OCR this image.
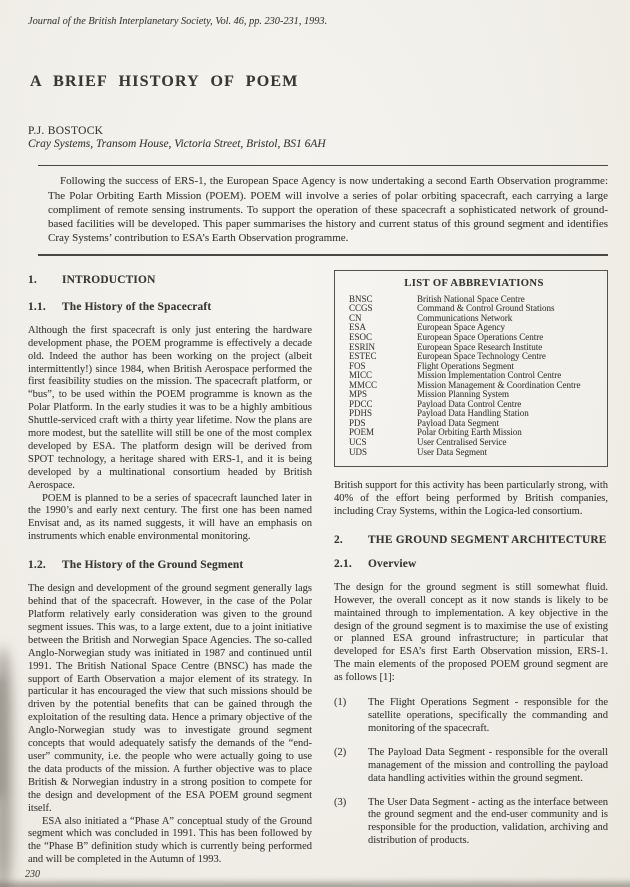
Journal of the British Interplanetary Society, Vol. 46, pp. 230-231, 1993.
A BRIEF HISTORY OF POEM
P.J. BOSTOCK
Cray Systems, Transom House, Victoria Street, Bristol, BS1 6AH

Following the success of ERS-1, the European Space Agency is now undertaking a second Earth Observation programme: The Polar Orbiting Earth Mission (POEM). POEM will involve a series of polar orbiting spacecraft, each carrying a large compliment of remote sensing instruments. To support the operation of these spacecraft a sophisticated network of ground-based facilities will be developed. This paper summarises the history and current status of this ground segment and identifies Cray Systems’ contribution to ESA’s Earth Observation programme.

1.	INTRODUCTION
1.1.	The History of the Spacecraft

Although the first spacecraft is only just entering the hardware development phase, the POEM programme is effectively a decade old. Indeed the author has been working on the project (albeit intermittently!) since 1984, when British Aerospace performed the first feasibility studies on the mission. The spacecraft platform, or “bus”, to be used within the POEM programme is known as the Polar Platform. In the early studies it was to be a highly ambitious Shuttle-serviced craft with a thirty year lifetime. Now the plans are more modest, but the satellite will still be one of the most complex developed by ESA. The platform design will be derived from SPOT technology, a heritage shared with ERS-1, and it is being developed by a multinational consortium headed by British Aerospace.

POEM is planned to be a series of spacecraft launched later in the 1990’s and early next century. The first one has been named Envisat and, as its named suggests, it will have an emphasis on instruments which enable environmental monitoring.

1.2.	The History of the Ground Segment

The design and development of the ground segment generally lags behind that of the spacecraft. However, in the case of the Polar Platform relatively early consideration was given to the ground segment issues. This was, to a large extent, due to a joint initiative between the British and Norwegian Space Agencies. The so-called Anglo-Norwegian study was initiated in 1987 and continued until 1991. The British National Space Centre (BNSC) has made the support of Earth Observation a major element of its strategy. In particular it has encouraged the view that such missions should be driven by the potential benefits that can be gained through the exploitation of the resulting data. Hence a primary objective of the Anglo-Norwegian study was to investigate ground segment concepts that would adequately satisfy the demands of the “end-user” community, i.e. the people who were actually going to use the data products of the mission. A further objective was to place British & Norwegian industry in a strong position to compete for the design and development of the ESA POEM ground segment itself.

ESA also initiated a “Phase A” conceptual study of the Ground segment which was concluded in 1991. This has been followed by the “Phase B” definition study which is currently being performed and will be completed in the Autumn of 1993.

LIST OF ABBREVIATIONS
BNSC	British National Space Centre
CCGS	Command & Control Ground Stations
CN	Communications Network
ESA	European Space Agency
ESOC	European Space Operations Centre
ESRIN	European Space Research Institute
ESTEC	European Space Technology Centre
FOS	Flight Operations Segment
MICC	Mission Implementation Control Centre
MMCC	Mission Management & Coordination Centre
MPS	Mission Planning System
PDCC	Payload Data Control Centre
PDHS	Payload Data Handling Station
PDS	Payload Data Segment
POEM	Polar Orbiting Earth Mission
UCS	User Centralised Service
UDS	User Data Segment

British support for this activity has been particularly strong, with 40% of the effort being performed by British companies, including Cray Systems, within the Logica-led consortium.

2.	THE GROUND SEGMENT ARCHITECTURE
2.1.	Overview

The design for the ground segment is still somewhat fluid. However, the overall concept as it now stands is likely to be maintained through to implementation. A key objective in the design of the ground segment is to maximise the use of existing or planned ESA ground infrastructure; in particular that developed for ESA’s first Earth Observation mission, ERS-1. The main elements of the proposed POEM ground segment are as follows [1]:

(1)	The Flight Operations Segment - responsible for the satellite operations, specifically the commanding and monitoring of the spacecraft.
(2)	The Payload Data Segment - responsible for the overall management of the mission and controlling the payload data handling activities within the ground segment.
(3)	The User Data Segment - acting as the interface between the ground segment and the end-user community and is responsible for the production, validation, archiving and distribution of products.
230
